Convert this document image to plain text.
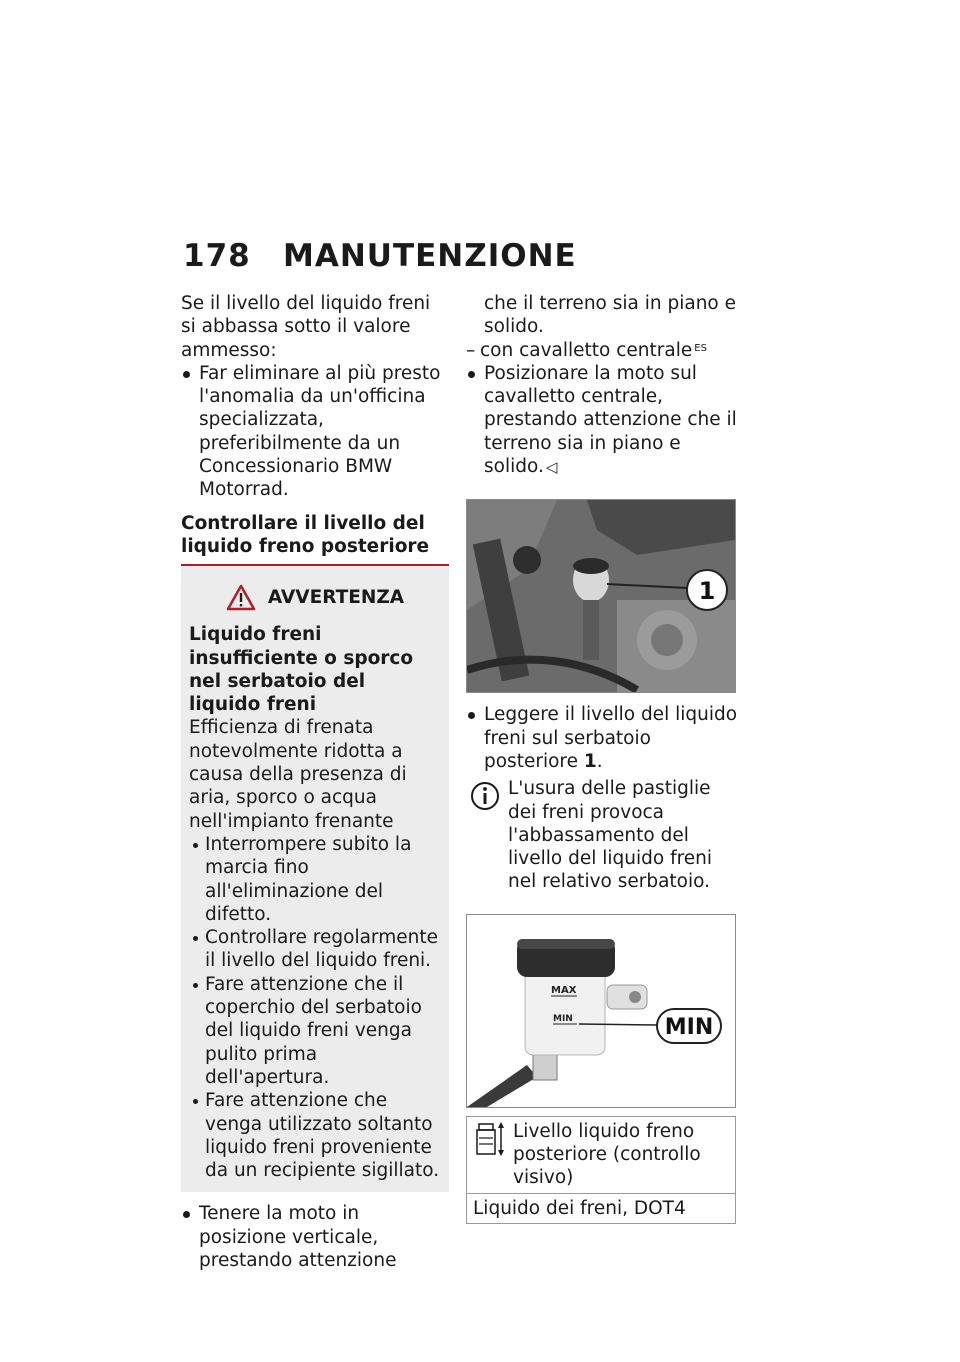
178 MANUTENZIONE

Se il livello del liquido freni si abbassa sotto il valore ammesso:

Far eliminare al più presto l'anomalia da un'officina specializzata, preferibilmente da un Concessionario BMW Motorrad.

Controllare il livello del liquido freno posteriore

AVVERTENZA

Liquido freni insufficiente o sporco nel serbatoio del liquido freni

Efficienza di frenata notevolmente ridotta a causa della presenza di aria, sporco o acqua nell'impianto frenante

Interrompere subito la marcia fino all'eliminazione del difetto.

Controllare regolarmente il livello del liquido freni.

Fare attenzione che il coperchio del serbatoio del liquido freni venga pulito prima dell'apertura.

Fare attenzione che venga utilizzato soltanto liquido freni proveniente da un recipiente sigillato.

Tenere la moto in posizione verticale, prestando attenzione

che il terreno sia in piano e solido.

– con cavalletto centrale $^{ES}$

Posizionare la moto sul cavalletto centrale, prestando attenzione che il terreno sia in piano e solido. ◁

1

Leggere il livello del liquido freni sul serbatoio posteriore 1.

L'usura delle pastiglie dei freni provoca l'abbassamento del livello del liquido freni nel relativo serbatoio.

MAX
MIN	MIN
Livello liquido freno posteriore (controllo visivo)

Liquido dei freni, DOT4
